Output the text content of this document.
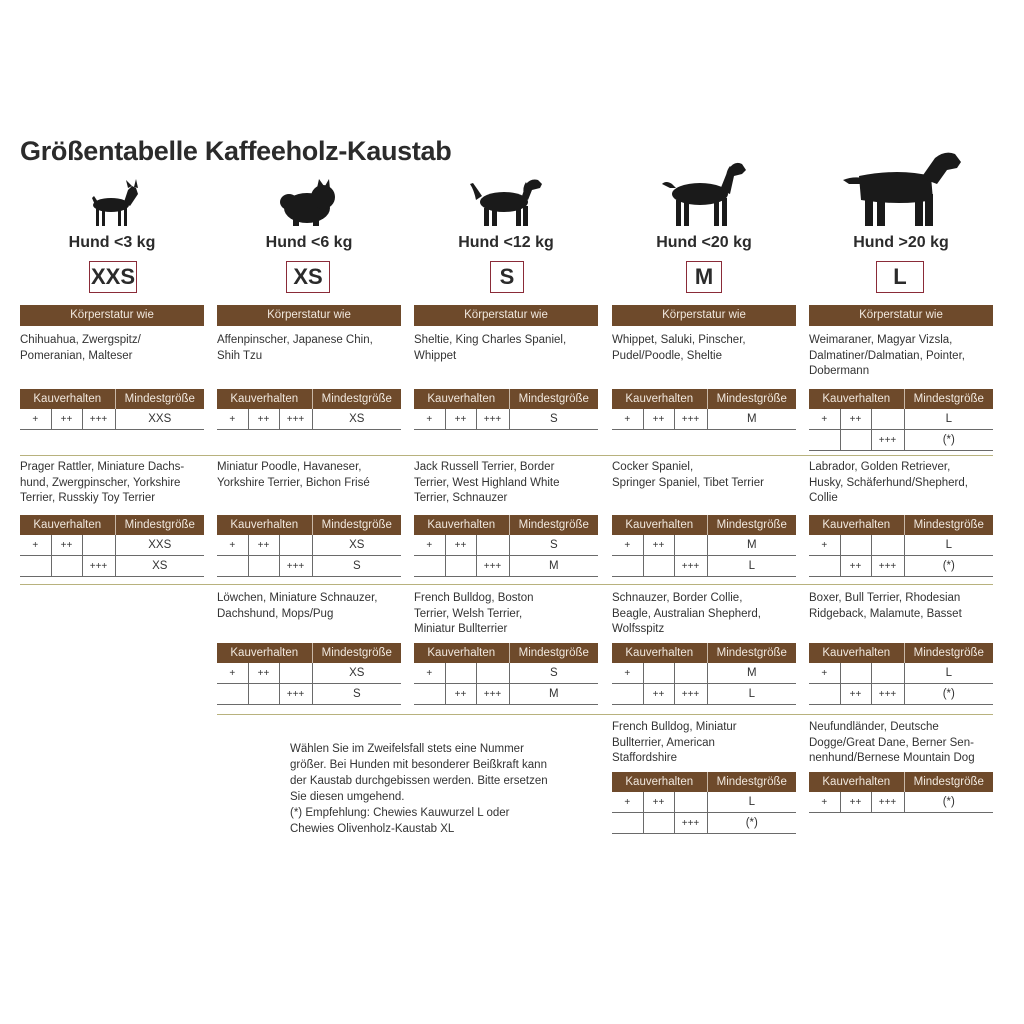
Größentabelle Kaffeeholz-Kaustab
Hund <3 kg
XXS
Körperstatur wie
Chihuahua, Zwergspitz/
Pomeranian, Malteser
Kauverhalten			Mindestgröße
+	++	+++	XXS
Prager Rattler, Miniature Dachs-
hund, Zwergpinscher, Yorkshire
Terrier, Russkiy Toy Terrier
Kauverhalten			Mindestgröße
+	++		XXS
		+++	XS
Hund <6 kg
XS
Körperstatur wie
Affenpinscher, Japanese Chin,
Shih Tzu
Kauverhalten			Mindestgröße
+	++	+++	XS
Miniatur Poodle, Havaneser,
Yorkshire Terrier, Bichon Frisé
Kauverhalten			Mindestgröße
+	++		XS
		+++	S
Löwchen, Miniature Schnauzer,
Dachshund, Mops/Pug
Kauverhalten			Mindestgröße
+	++		XS
		+++	S
Hund <12 kg
S
Körperstatur wie
Sheltie, King Charles Spaniel,
Whippet
Kauverhalten			Mindestgröße
+	++	+++	S
Jack Russell Terrier, Border
Terrier, West Highland White
Terrier, Schnauzer
Kauverhalten			Mindestgröße
+	++		S
		+++	M
French Bulldog, Boston
Terrier, Welsh Terrier,
Miniatur Bullterrier
Kauverhalten			Mindestgröße
+			S
	++	+++	M
Hund <20 kg
M
Körperstatur wie
Whippet, Saluki, Pinscher,
Pudel/Poodle, Sheltie
Kauverhalten			Mindestgröße
+	++	+++	M
Cocker Spaniel,
Springer Spaniel, Tibet Terrier
Kauverhalten			Mindestgröße
+	++		M
		+++	L
Schnauzer, Border Collie,
Beagle, Australian Shepherd,
Wolfsspitz
Kauverhalten			Mindestgröße
+			M
	++	+++	L
French Bulldog, Miniatur
Bullterrier, American
Staffordshire
Kauverhalten			Mindestgröße
+	++		L
		+++	(*)
Hund >20 kg
L
Körperstatur wie
Weimaraner, Magyar Vizsla,
Dalmatiner/Dalmatian, Pointer,
Dobermann
Kauverhalten			Mindestgröße
+	++		L
		+++	(*)
Labrador, Golden Retriever,
Husky, Schäferhund/Shepherd,
Collie
Kauverhalten			Mindestgröße
+			L
	++	+++	(*)
Boxer, Bull Terrier, Rhodesian
Ridgeback, Malamute, Basset
Kauverhalten			Mindestgröße
+			L
	++	+++	(*)
Neufundländer, Deutsche
Dogge/Great Dane, Berner Sen-
nenhund/Bernese Mountain Dog
Kauverhalten			Mindestgröße
+	++	+++	(*)
Wählen Sie im Zweifelsfall stets eine Nummer
größer. Bei Hunden mit besonderer Beißkraft kann
der Kaustab durchgebissen werden. Bitte ersetzen
Sie diesen umgehend.
(*) Empfehlung: Chewies Kauwurzel L oder
Chewies Olivenholz-Kaustab XL
